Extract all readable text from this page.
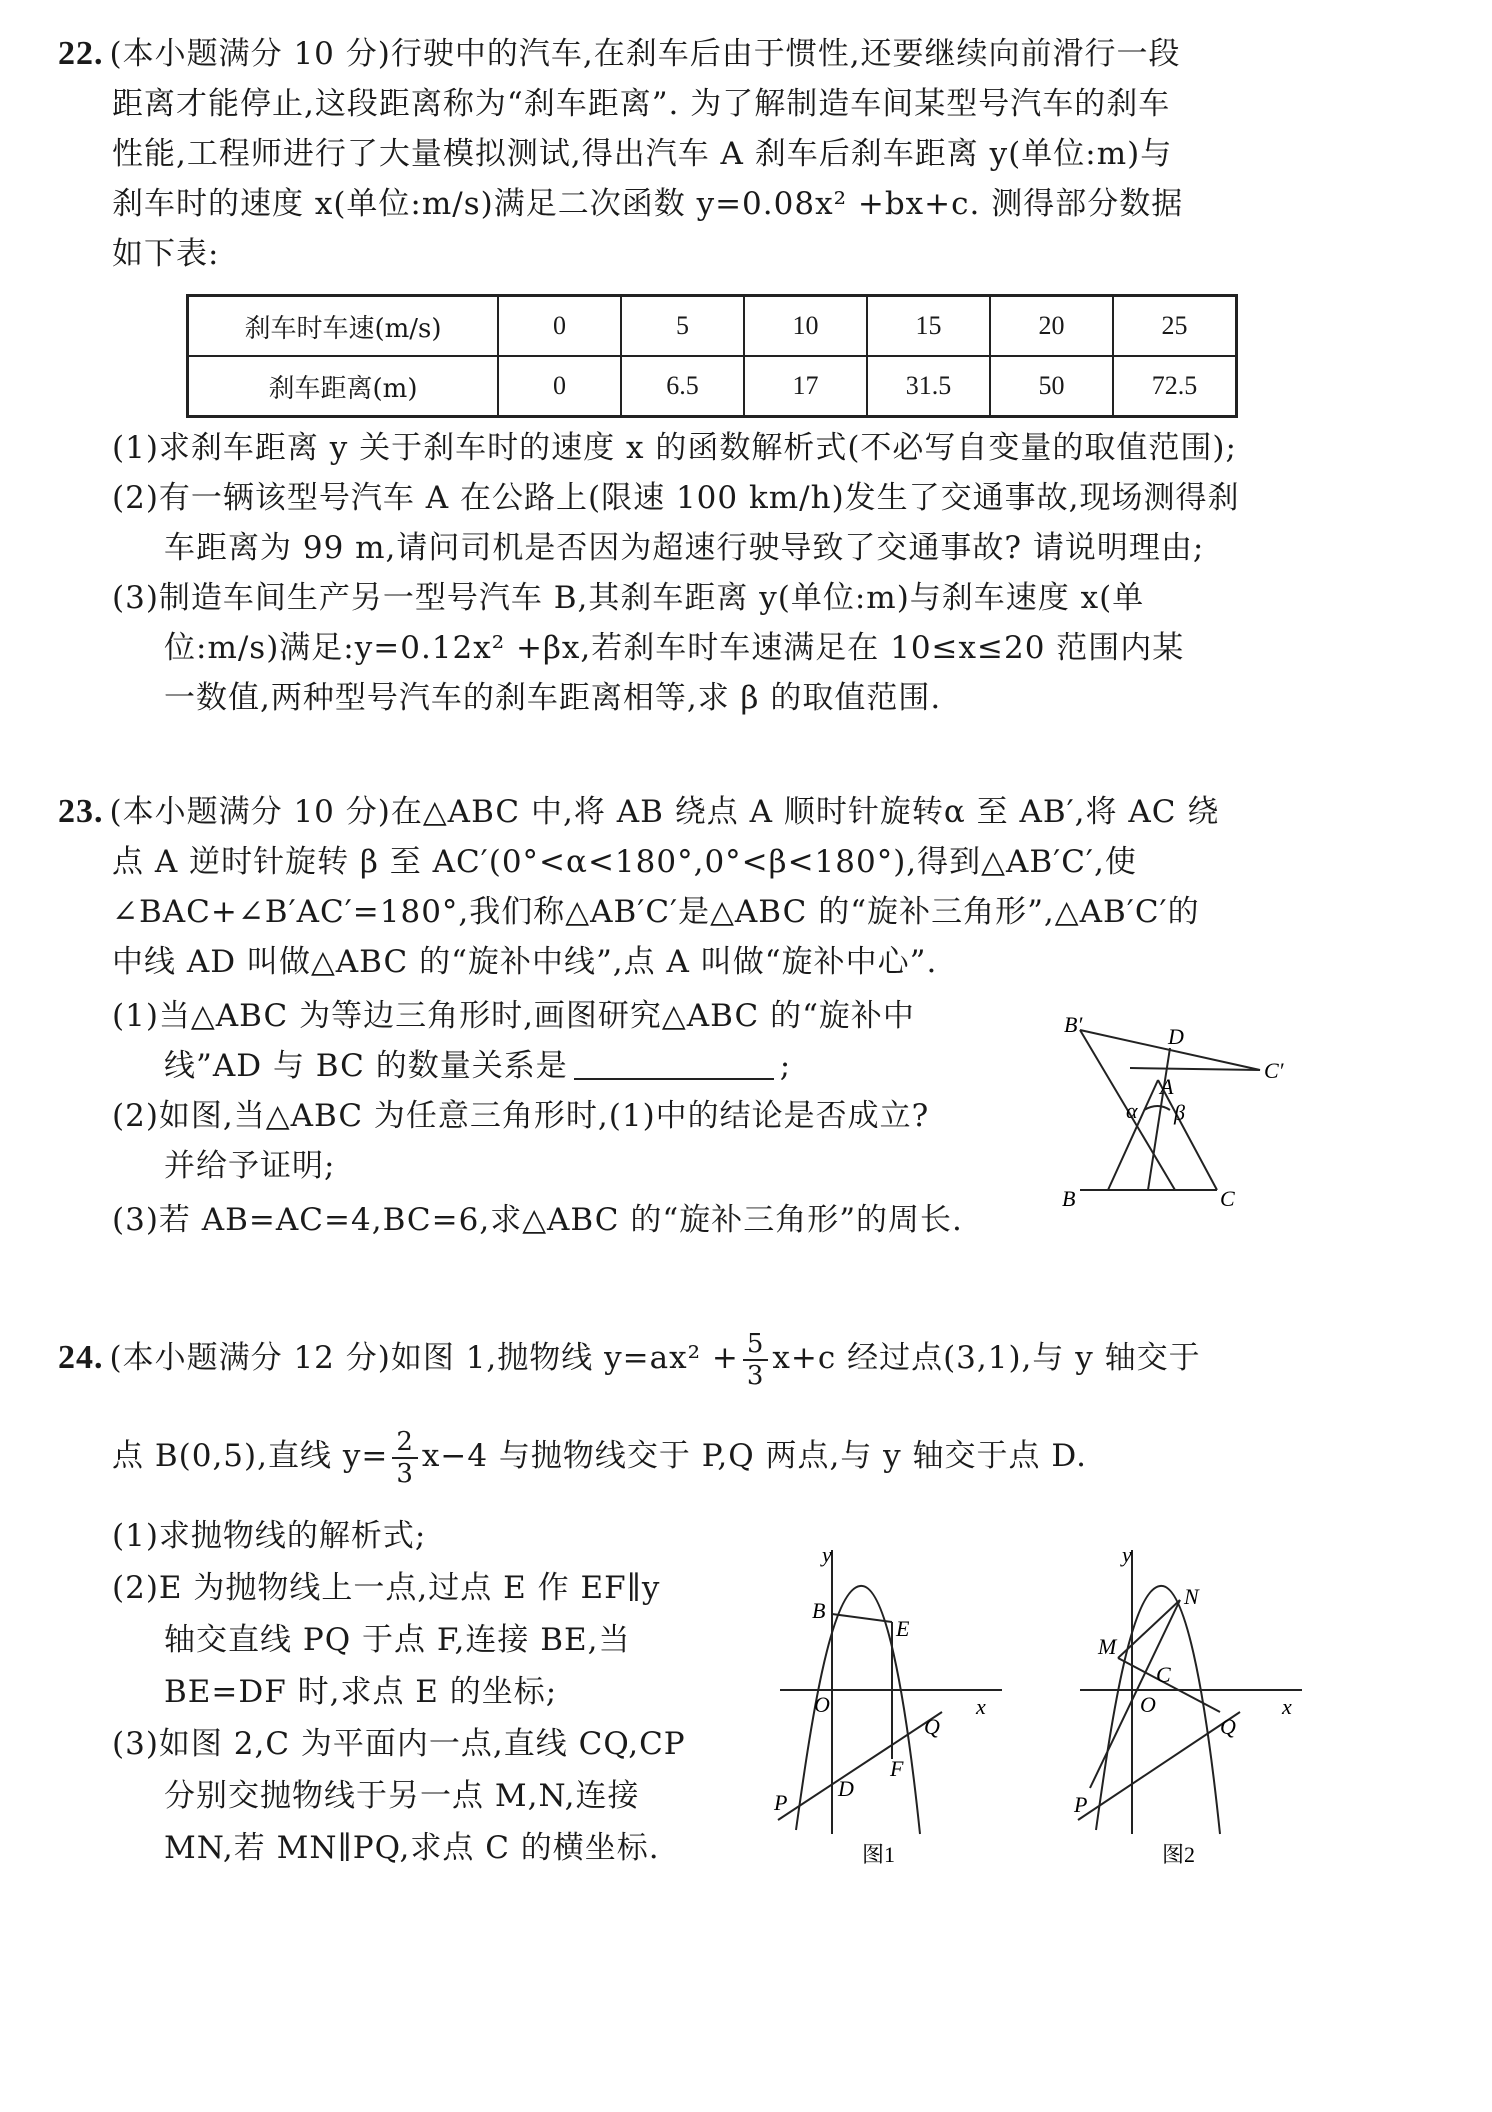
22. (本小题满分 10 分)行驶中的汽车,在刹车后由于惯性,还要继续向前滑行一段
距离才能停止,这段距离称为“刹车距离”. 为了解制造车间某型号汽车的刹车
性能,工程师进行了大量模拟测试,得出汽车 A 刹车后刹车距离 y(单位:m)与
刹车时的速度 x(单位:m/s)满足二次函数 y=0.08x² +bx+c. 测得部分数据
如下表:
刹车时车速(m/s)	0	5	10	15	20	25
刹车距离(m)	0	6.5	17	31.5	50	72.5
(1)求刹车距离 y 关于刹车时的速度 x 的函数解析式(不必写自变量的取值范围);
(2)有一辆该型号汽车 A 在公路上(限速 100 km/h)发生了交通事故,现场测得刹
车距离为 99 m,请问司机是否因为超速行驶导致了交通事故? 请说明理由;
(3)制造车间生产另一型号汽车 B,其刹车距离 y(单位:m)与刹车速度 x(单
位:m/s)满足:y=0.12x² +βx,若刹车时车速满足在 10≤x≤20 范围内某
一数值,两种型号汽车的刹车距离相等,求 β 的取值范围.
23. (本小题满分 10 分)在△ABC 中,将 AB 绕点 A 顺时针旋转α 至 AB′,将 AC 绕
点 A 逆时针旋转 β 至 AC′(0°<α<180°,0°<β<180°),得到△AB′C′,使
∠BAC+∠B′AC′=180°,我们称△AB′C′是△ABC 的“旋补三角形”,△AB′C′的
中线 AD 叫做△ABC 的“旋补中线”,点 A 叫做“旋补中心”.
(1)当△ABC 为等边三角形时,画图研究△ABC 的“旋补中
线”AD 与 BC 的数量关系是	;
(2)如图,当△ABC 为任意三角形时,(1)中的结论是否成立?
并给予证明;
(3)若 AB=AC=4,BC=6,求△ABC 的“旋补三角形”的周长.
B′	D
A
C′
α β
B	C
24. (本小题满分 12 分)如图 1,抛物线 $y=ax^2 + \frac{5}{3} x+c$ 经过点(3,1),与 y 轴交于
点 B(0,5),直线 $y= \frac{2}{3} x-4$ 与抛物线交于 P,Q 两点,与 y 轴交于点 D.
(1)求抛物线的解析式;
(2)E 为抛物线上一点,过点 E 作 EF∥y
轴交直线 PQ 于点 F,连接 BE,当
BE=DF 时,求点 E 的坐标;
(3)如图 2,C 为平面内一点,直线 CQ,CP
分别交抛物线于另一点 M,N,连接
MN,若 MN∥PQ,求点 C 的横坐标.
y
B
E
O	x
Q
F
D
P
图1
y
N
M
C
O	x
Q
P
图2
